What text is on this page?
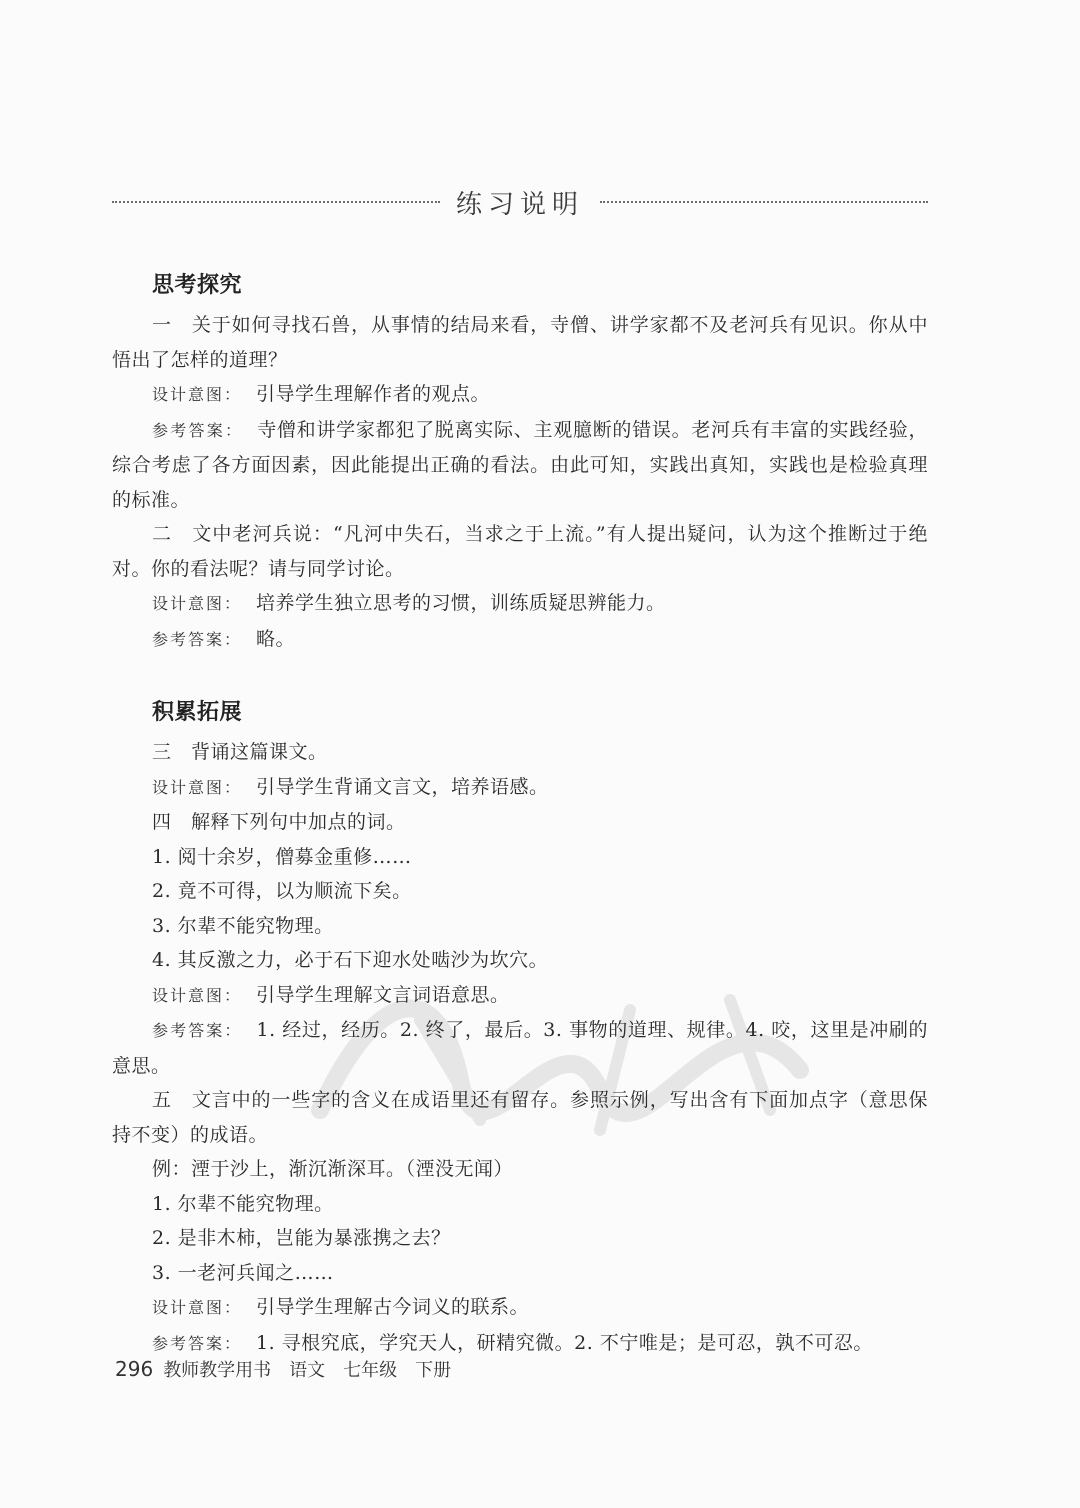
练习说明
思考探究

一　关于如何寻找石兽，从事情的结局来看，寺僧、讲学家都不及老河兵有见识。你从中悟出了怎样的道理？

设计意图： 引导学生理解作者的观点。

参考答案： 寺僧和讲学家都犯了脱离实际、主观臆断的错误。老河兵有丰富的实践经验，综合考虑了各方面因素，因此能提出正确的看法。由此可知，实践出真知，实践也是检验真理的标准。

二　文中老河兵说：“凡河中失石，当求之于上流。”有人提出疑问，认为这个推断过于绝对。你的看法呢？请与同学讨论。

设计意图： 培养学生独立思考的习惯，训练质疑思辨能力。

参考答案： 略。

积累拓展

三　背诵这篇课文。

设计意图： 引导学生背诵文言文，培养语感。

四　解释下列句中加点的词。

1. 阅十余岁，僧募金重修……

2. 竟不可得，以为顺流下矣。

3. 尔辈不能究物理。

4. 其反激之力，必于石下迎水处啮沙为坎穴。

设计意图： 引导学生理解文言词语意思。

参考答案： 1. 经过，经历。2. 终了，最后。3. 事物的道理、规律。4. 咬，这里是冲刷的意思。

五　文言中的一些字的含义在成语里还有留存。参照示例，写出含有下面加点字（意思保持不变）的成语。

例：湮于沙上，渐沉渐深耳。（湮没无闻）

1. 尔辈不能究物理。

2. 是非木柿，岂能为暴涨携之去？

3. 一老河兵闻之……

设计意图： 引导学生理解古今词义的联系。

参考答案： 1. 寻根究底，学究天人，研精究微。2. 不宁唯是；是可忍，孰不可忍。

296 教师教学用书　语文　七年级　下册
